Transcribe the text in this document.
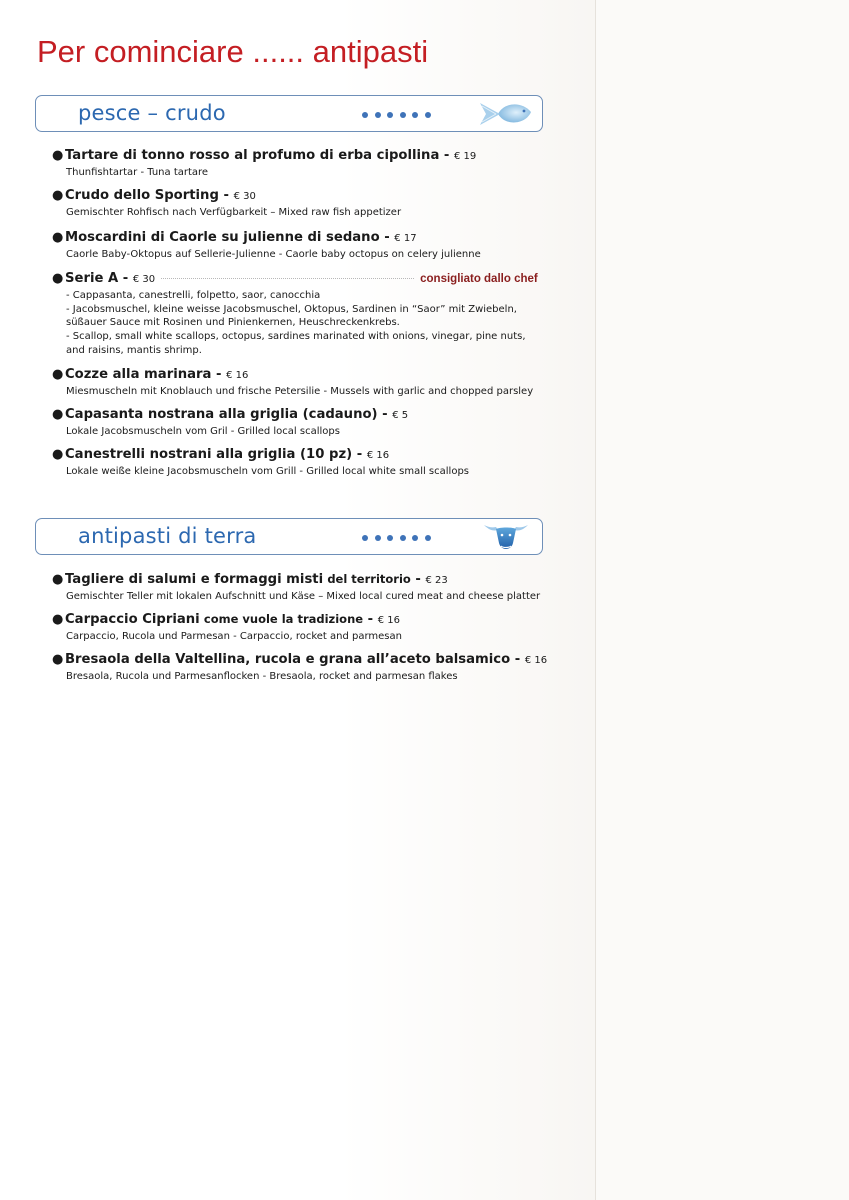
Per cominciare ...... antipasti
pesce – crudo
● Tartare di tonno rosso al profumo di erba cipollina - € 19
Thunfishtartar - Tuna tartare
● Crudo dello Sporting - € 30
Gemischter Rohfisch nach Verfügbarkeit – Mixed raw fish appetizer
● Moscardini di Caorle su julienne di sedano - € 17
Caorle Baby-Oktopus auf Sellerie-Julienne - Caorle baby octopus on celery julienne
● Serie A - € 30	consigliato dallo chef
- Cappasanta, canestrelli, folpetto, saor, canocchia
- Jacobsmuschel, kleine weisse Jacobsmuschel, Oktopus, Sardinen in “Saor” mit Zwiebeln,
süßauer Sauce mit Rosinen und Pinienkernen, Heuschreckenkrebs.
- Scallop, small white scallops, octopus, sardines marinated with onions, vinegar, pine nuts,
and raisins, mantis shrimp.
● Cozze alla marinara - € 16
Miesmuscheln mit Knoblauch und frische Petersilie - Mussels with garlic and chopped parsley
● Capasanta nostrana alla griglia (cadauno) - € 5
Lokale Jacobsmuscheln vom Gril - Grilled local scallops
● Canestrelli nostrani alla griglia (10 pz) - € 16
Lokale weiße kleine Jacobsmuscheln vom Grill - Grilled local white small scallops
antipasti di terra
● Tagliere di salumi e formaggi misti del territorio - € 23
Gemischter Teller mit lokalen Aufschnitt und Käse – Mixed local cured meat and cheese platter
● Carpaccio Cipriani come vuole la tradizione - € 16
Carpaccio, Rucola und Parmesan - Carpaccio, rocket and parmesan
● Bresaola della Valtellina, rucola e grana all’aceto balsamico - € 16
Bresaola, Rucola und Parmesanflocken - Bresaola, rocket and parmesan flakes
